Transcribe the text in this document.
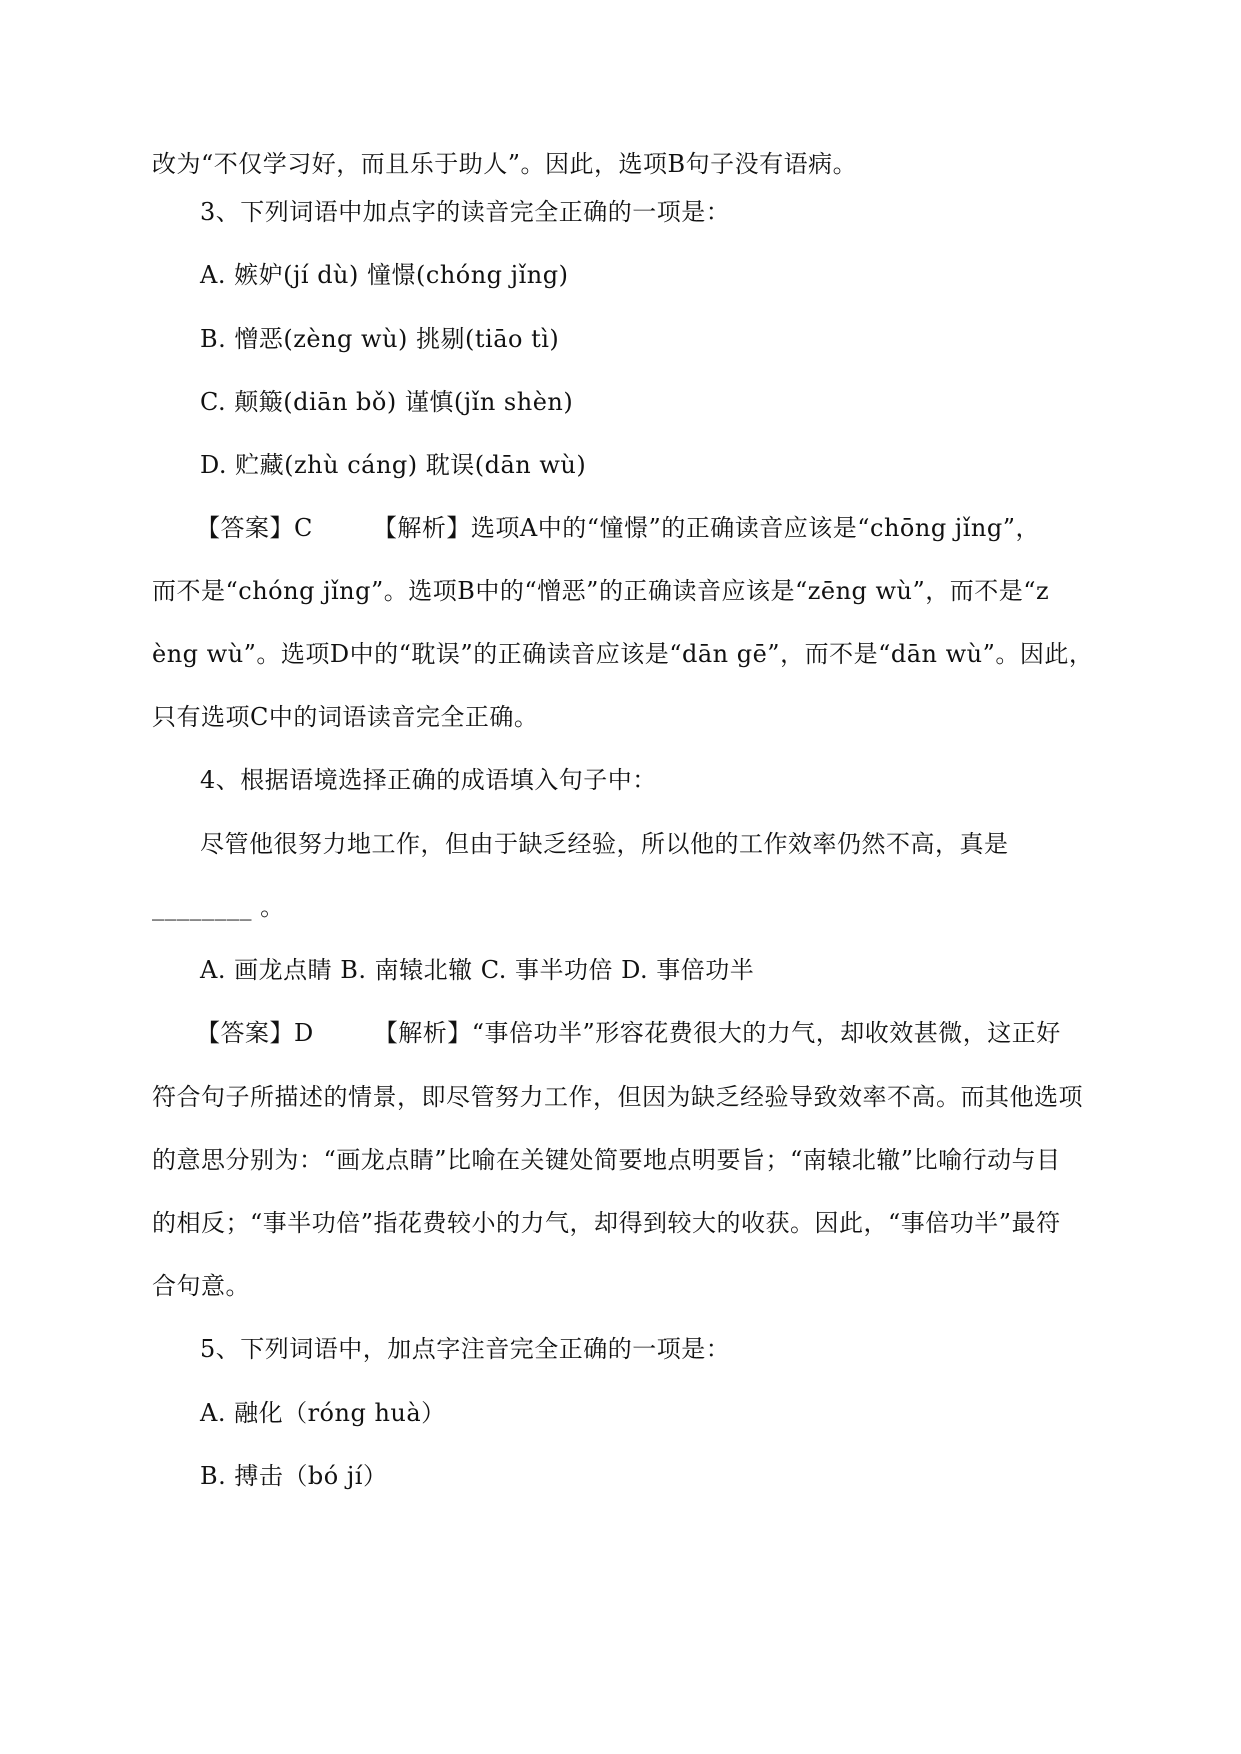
改为“不仅学习好，而且乐于助人”。因此，选项B句子没有语病。
3、下列词语中加点字的读音完全正确的一项是：
A. 嫉妒(jí dù) 憧憬(chóng jǐng)
B. 憎恶(zèng wù) 挑剔(tiāo tì)
C. 颠簸(diān bǒ) 谨慎(jǐn shèn)
D. 贮藏(zhù cáng) 耽误(dān wù)
【答案】C	【解析】选项A中的“憧憬”的正确读音应该是“chōng jǐng”，
而不是“chóng jǐng”。选项B中的“憎恶”的正确读音应该是“zēng wù”，而不是“z
èng wù”。选项D中的“耽误”的正确读音应该是“dān gē”，而不是“dān wù”。因此，
只有选项C中的词语读音完全正确。
4、根据语境选择正确的成语填入句子中：
尽管他很努力地工作，但由于缺乏经验，所以他的工作效率仍然不高，真是
________ 。
A. 画龙点睛 B. 南辕北辙 C. 事半功倍 D. 事倍功半
【答案】D	【解析】“事倍功半”形容花费很大的力气，却收效甚微，这正好
符合句子所描述的情景，即尽管努力工作，但因为缺乏经验导致效率不高。而其他选项
的意思分别为：“画龙点睛”比喻在关键处简要地点明要旨；“南辕北辙”比喻行动与目
的相反；“事半功倍”指花费较小的力气，却得到较大的收获。因此，“事倍功半”最符
合句意。
5、下列词语中，加点字注音完全正确的一项是：
A. 融化（róng huà）
B. 搏击（bó jí）
